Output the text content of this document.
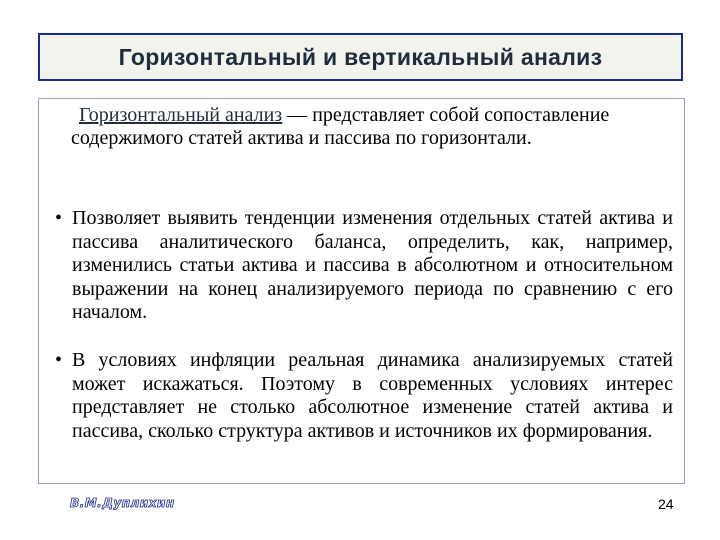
Горизонтальный и вертикальный анализ
Горизонтальный анализ — представляет собой сопоставление содержимого статей актива и пассива по горизонтали.
• Позволяет выявить тенденции изменения отдельных статей актива и пассива аналитического баланса, определить, как, например, изменились статьи актива и пассива в абсолютном и относительном выражении на конец анализируемого периода по сравнению с его началом.
• В условиях инфляции реальная динамика анализируемых статей может искажаться. Поэтому в современных условиях интерес представляет не столько абсолютное изменение статей актива и пассива, сколько структура активов и источников их формирования.
В.М.Дуплихин	24
